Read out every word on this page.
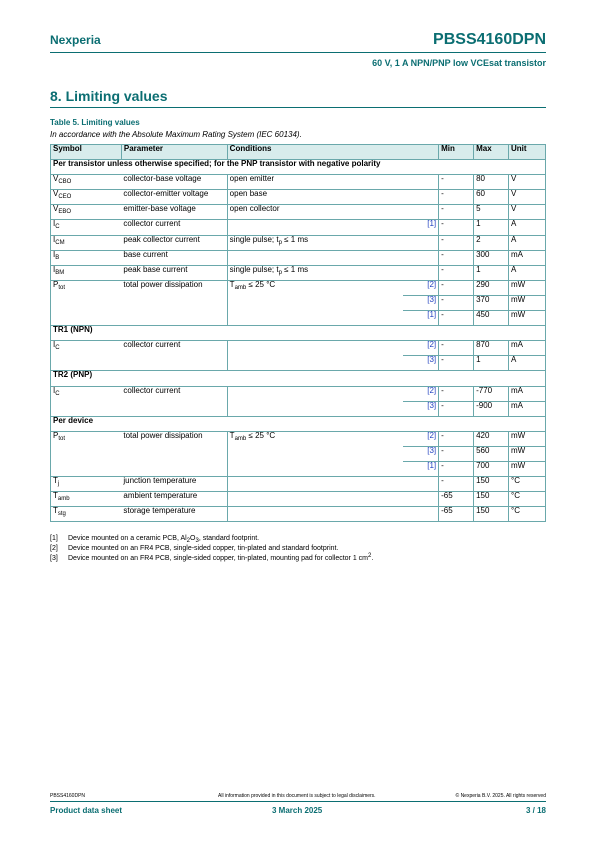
Nexperia	PBSS4160DPN
60 V, 1 A NPN/PNP low VCEsat transistor
8. Limiting values
Table 5. Limiting values
In accordance with the Absolute Maximum Rating System (IEC 60134).
Symbol	Parameter	Conditions		Min	Max	Unit
Per transistor unless otherwise specified; for the PNP transistor with negative polarity						
$V_{CBO}$	collector-base voltage	open emitter		-	80	V
$V_{CEO}$	collector-emitter voltage	open base		-	60	V
$V_{EBO}$	emitter-base voltage	open collector		-	5	V
$I_C$	collector current		[1]	-	1	A
$I_{CM}$	peak collector current	single pulse; $t_p \le 1$ ms		-	2	A
$I_B$	base current			-	300	mA
$I_{BM}$	peak base current	single pulse; $t_p \le 1$ ms		-	1	A
$P_{tot}$	total power dissipation	$T_{amb} \le 25$ °C	[2]	-	290	mW
			[3]	-	370	mW
			[1]	-	450	mW
TR1 (NPN)						
$I_C$	collector current		[2]	-	870	mA
			[3]	-	1	A
TR2 (PNP)						
$I_C$	collector current		[2]	-	-770	mA
			[3]	-	-900	mA
Per device						
$P_{tot}$	total power dissipation	$T_{amb} \le 25$ °C	[2]	-	420	mW
			[3]	-	560	mW
			[1]	-	700	mW
$T_j$	junction temperature			-	150	°C
$T_{amb}$	ambient temperature			-65	150	°C
$T_{stg}$	storage temperature			-65	150	°C
[1] Device mounted on a ceramic PCB, $Al_2O_3$, standard footprint.
[2] Device mounted on an FR4 PCB, single-sided copper, tin-plated and standard footprint.
[3] Device mounted on an FR4 PCB, single-sided copper, tin-plated, mounting pad for collector 1 $cm^2$.
PBSS4160DPN	All information provided in this document is subject to legal disclaimers.	© Nexperia B.V. 2025. All rights reserved
Product data sheet	3 March 2025	3 / 18
